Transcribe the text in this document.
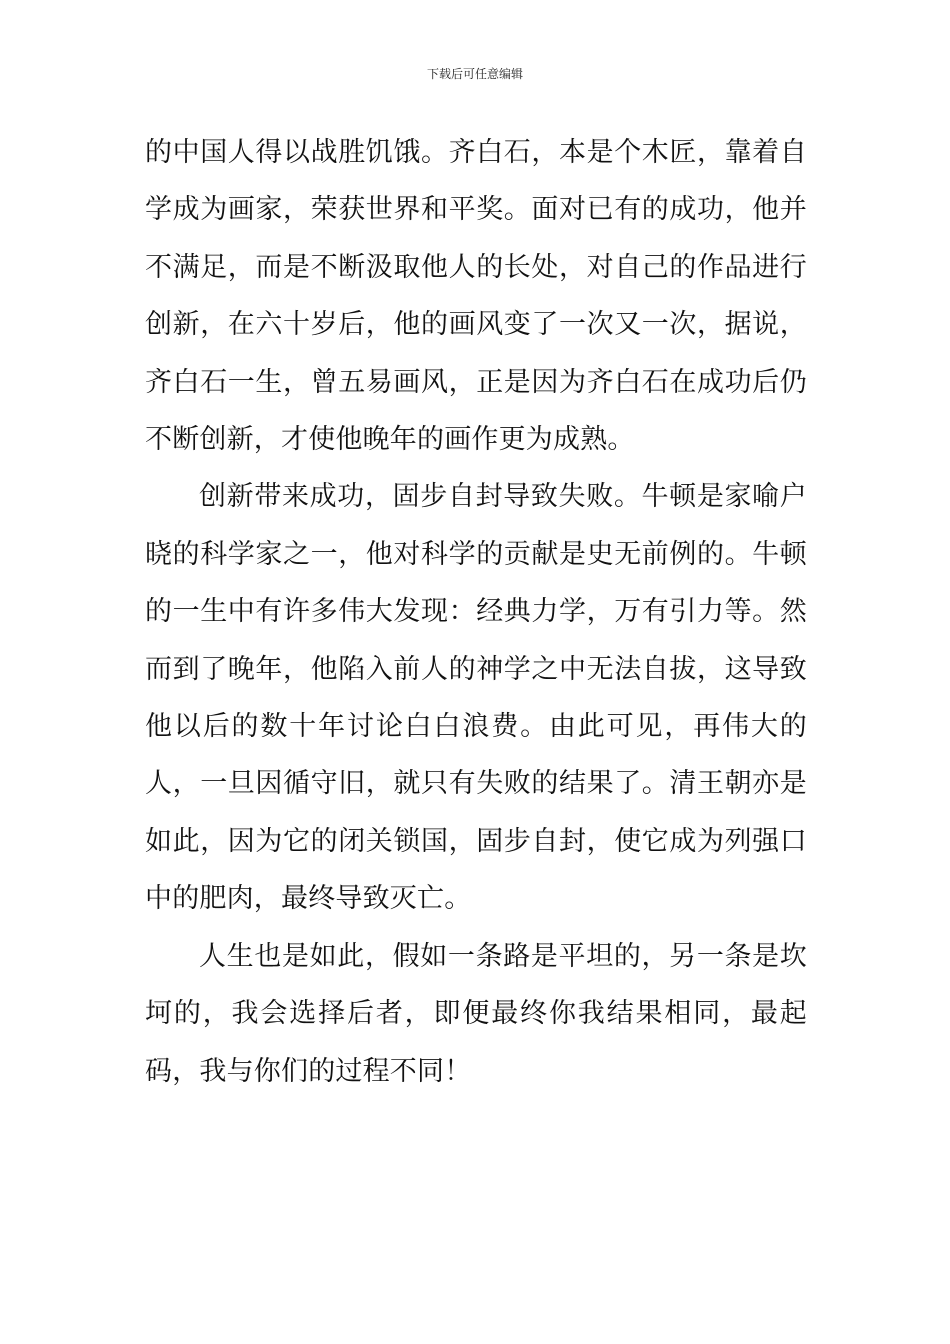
下载后可任意编辑

的中国人得以战胜饥饿。齐白石，本是个木匠，靠着自学成为画家，荣获世界和平奖。面对已有的成功，他并不满足，而是不断汲取他人的长处，对自己的作品进行创新，在六十岁后，他的画风变了一次又一次，据说，齐白石一生，曾五易画风，正是因为齐白石在成功后仍不断创新，才使他晚年的画作更为成熟。

创新带来成功，固步自封导致失败。牛顿是家喻户晓的科学家之一，他对科学的贡献是史无前例的。牛顿的一生中有许多伟大发现：经典力学，万有引力等。然而到了晚年，他陷入前人的神学之中无法自拔，这导致他以后的数十年讨论白白浪费。由此可见，再伟大的人，一旦因循守旧，就只有失败的结果了。清王朝亦是如此，因为它的闭关锁国，固步自封，使它成为列强口中的肥肉，最终导致灭亡。

人生也是如此，假如一条路是平坦的，另一条是坎坷的，我会选择后者，即便最终你我结果相同，最起码，我与你们的过程不同！
